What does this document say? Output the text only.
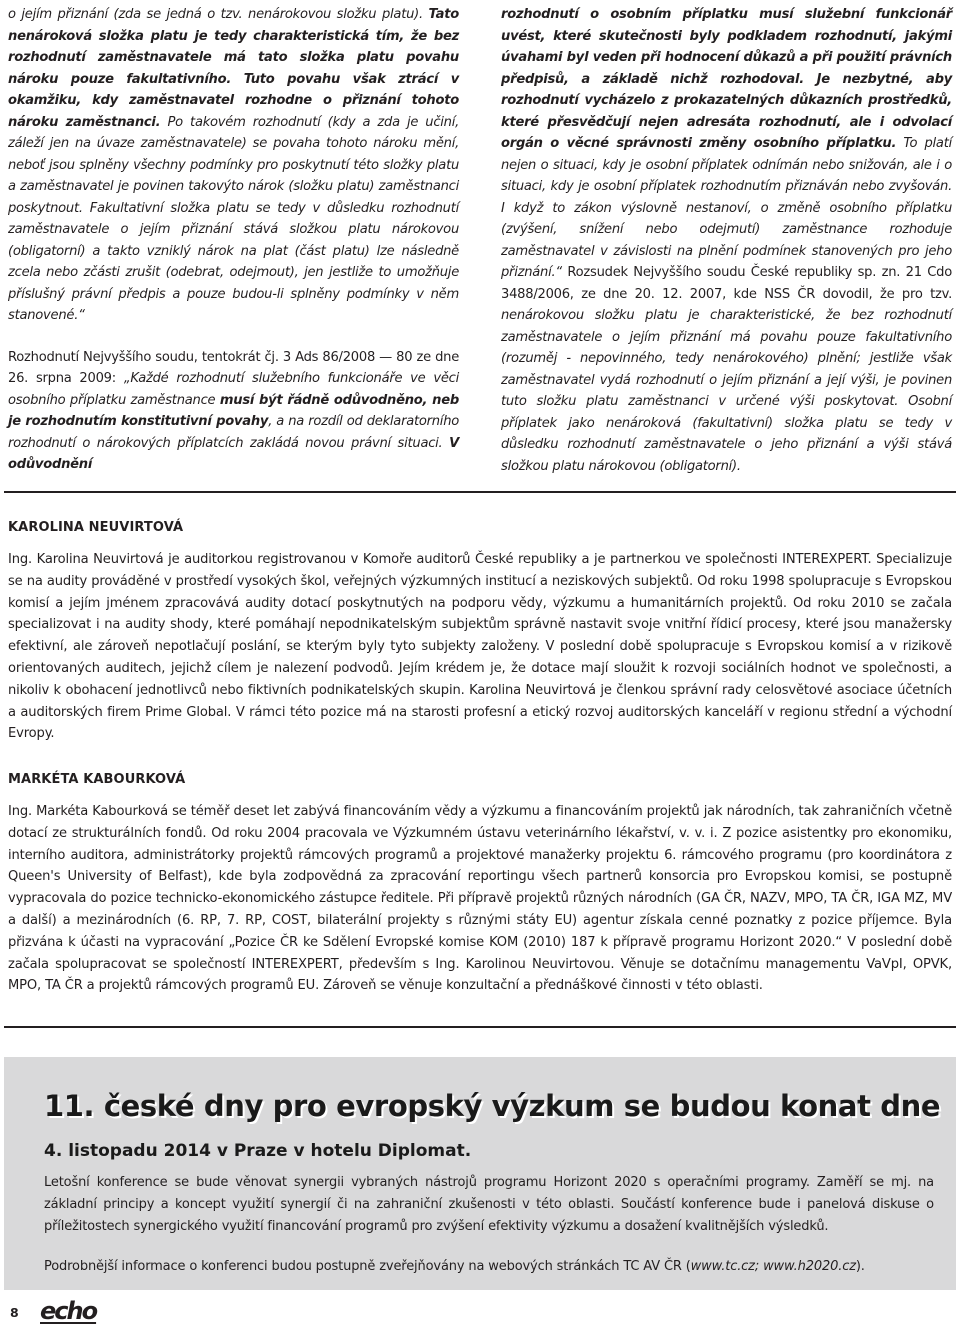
o jejím přiznání (zda se jedná o tzv. nenárokovou složku platu). Tato nenároková složka platu je tedy charakteristická tím, že bez rozhodnutí zaměstnavatele má tato složka platu povahu nároku pouze fakultativního. Tuto povahu však ztrácí v okamžiku, kdy zaměstnavatel rozhodne o přiznání tohoto nároku zaměstnanci. Po takovém rozhodnutí (kdy a zda je učiní, záleží jen na úvaze zaměstnavatele) se povaha tohoto nároku mění, neboť jsou splněny všechny podmínky pro poskytnutí této složky platu a zaměstnavatel je povinen takovýto nárok (složku platu) zaměstnanci poskytnout. Fakultativní složka platu se tedy v důsledku rozhodnutí zaměstnavatele o jejím přiznání stává složkou platu nárokovou (obligatorní) a takto vzniklý nárok na plat (část platu) lze následně zcela nebo zčásti zrušit (odebrat, odejmout), jen jestliže to umožňuje příslušný právní předpis a pouze budou-li splněny podmínky v něm stanovené.“
Rozhodnutí Nejvyššího soudu, tentokrát čj. 3 Ads 86/2008 — 80 ze dne 26. srpna 2009: „Každé rozhodnutí služebního funkcionáře ve věci osobního příplatku zaměstnance musí být řádně odůvodněno, neb je rozhodnutím konstitutivní povahy, a na rozdíl od deklaratorního rozhodnutí o nárokových příplatcích zakládá novou právní situaci. V odůvodnění
rozhodnutí o osobním příplatku musí služební funkcionář uvést, které skutečnosti byly podkladem rozhodnutí, jakými úvahami byl veden při hodnocení důkazů a při použití právních předpisů, a základě nichž rozhodoval. Je nezbytné, aby rozhodnutí vycházelo z prokazatelných důkazních prostředků, které přesvědčují nejen adresáta rozhodnutí, ale i odvolací orgán o věcné správnosti změny osobního příplatku. To platí nejen o situaci, kdy je osobní příplatek odnímán nebo snižován, ale i o situaci, kdy je osobní příplatek rozhodnutím přiznáván nebo zvyšován. I když to zákon výslovně nestanoví, o změně osobního příplatku (zvýšení, snížení nebo odejmutí) zaměstnance rozhoduje zaměstnavatel v závislosti na plnění podmínek stanovených pro jeho přiznání.“ Rozsudek Nejvyššího soudu České republiky sp. zn. 21 Cdo 3488/2006, ze dne 20. 12. 2007, kde NSS ČR dovodil, že pro tzv. nenárokovou složku platu je charakteristické, že bez rozhodnutí zaměstnavatele o jejím přiznání má povahu pouze fakultativního (rozuměj - nepovinného, tedy nenárokového) plnění; jestliže však zaměstnavatel vydá rozhodnutí o jejím přiznání a její výši, je povinen tuto složku platu zaměstnanci v určené výši poskytovat. Osobní příplatek jako nenároková (fakultativní) složka platu se tedy v důsledku rozhodnutí zaměstnavatele o jeho přiznání a výši stává složkou platu nárokovou (obligatorní).

KAROLINA NEUVIRTOVÁ

Ing. Karolina Neuvirtová je auditorkou registrovanou v Komoře auditorů České republiky a je partnerkou ve společnosti INTEREXPERT. Specializuje se na audity prováděné v prostředí vysokých škol, veřejných výzkumných institucí a neziskových subjektů. Od roku 1998 spolupracuje s Evropskou komisí a jejím jménem zpracovává audity dotací poskytnutých na podporu vědy, výzkumu a humanitárních projektů. Od roku 2010 se začala specializovat i na audity shody, které pomáhají nepodnikatelským subjektům správně nastavit svoje vnitřní řídicí procesy, které jsou manažersky efektivní, ale zároveň nepotlačují poslání, se kterým byly tyto subjekty založeny. V poslední době spolupracuje s Evropskou komisí a v rizikově orientovaných auditech, jejichž cílem je nalezení podvodů. Jejím krédem je, že dotace mají sloužit k rozvoji sociálních hodnot ve společnosti, a nikoliv k obohacení jednotlivců nebo fiktivních podnikatelských skupin. Karolina Neuvirtová je členkou správní rady celosvětové asociace účetních a auditorských firem Prime Global. V rámci této pozice má na starosti profesní a etický rozvoj auditorských kanceláří v regionu střední a východní Evropy.

MARKÉTA KABOURKOVÁ

Ing. Markéta Kabourková se téměř deset let zabývá financováním vědy a výzkumu a financováním projektů jak národních, tak zahraničních včetně dotací ze strukturálních fondů. Od roku 2004 pracovala ve Výzkumném ústavu veterinárního lékařství, v. v. i. Z pozice asistentky pro ekonomiku, interního auditora, administrátorky projektů rámcových programů a projektové manažerky projektu 6. rámcového programu (pro koordinátora z Queen's University of Belfast), kde byla zodpovědná za zpracování reportingu všech partnerů konsorcia pro Evropskou komisi, se postupně vypracovala do pozice technicko-ekonomického zástupce ředitele. Při přípravě projektů různých národních (GA ČR, NAZV, MPO, TA ČR, IGA MZ, MV a další) a mezinárodních (6. RP, 7. RP, COST, bilaterální projekty s různými státy EU) agentur získala cenné poznatky z pozice příjemce. Byla přizvána k účasti na vypracování „Pozice ČR ke Sdělení Evropské komise KOM (2010) 187 k přípravě programu Horizont 2020.“ V poslední době začala spolupracovat se společností INTEREXPERT, především s Ing. Karolinou Neuvirtovou. Věnuje se dotačnímu managementu VaVpI, OPVK, MPO, TA ČR a projektů rámcových programů EU. Zároveň se věnuje konzultační a přednáškové činnosti v této oblasti.

11. české dny pro evropský výzkum se budou konat dne
4. listopadu 2014 v Praze v hotelu Diplomat.

Letošní konference se bude věnovat synergii vybraných nástrojů programu Horizont 2020 s operačními programy. Zaměří se mj. na základní principy a koncept využití synergií či na zahraniční zkušenosti v této oblasti. Součástí konference bude i panelová diskuse o příležitostech synergického využití financování programů pro zvýšení efektivity výzkumu a dosažení kvalitnějších výsledků.

Podrobnější informace o konferenci budou postupně zveřejňovány na webových stránkách TC AV ČR (www.tc.cz; www.h2020.cz).

8 echo
